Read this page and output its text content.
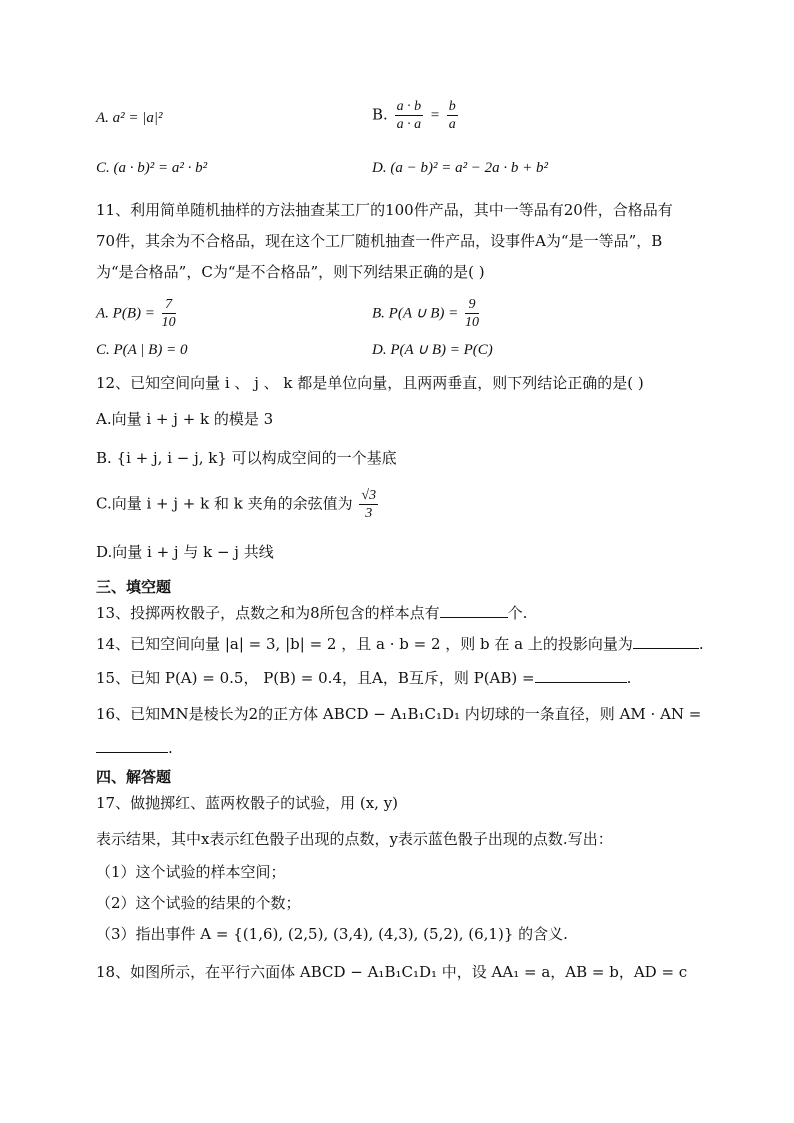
A. a² = |a|²	B. $\frac{a \cdot b}{a \cdot a} = \frac{b}{a}$
C. (a · b)² = a² · b²	D. (a − b)² = a² − 2a · b + b²
11、利用简单随机抽样的方法抽查某工厂的100件产品，其中一等品有20件，合格品有
70件，其余为不合格品，现在这个工厂随机抽查一件产品，设事件A为“是一等品”，B
为“是合格品”，C为“是不合格品”，则下列结果正确的是( )
A. $P(B) = \frac{7}{10}$	B. P(A ∪ $B) = \frac{9}{10}$
C. P(A | B) = 0	D. P(A ∪ B) = P(C)
12、已知空间向量 i 、 j 、 k 都是单位向量，且两两垂直，则下列结论正确的是( )
A.向量 i + j + k 的模是 3
B. {i + j, i − j, k} 可以构成空间的一个基底
C.向量 i + j + k 和 k 夹角的余弦值为 $\frac{√3}{3}$
D.向量 i + j 与 k − j 共线
三、填空题
13、投掷两枚骰子，点数之和为8所包含的样本点有	个.
14、已知空间向量 |a| = 3, |b| = 2 ，且 a · b = 2 ，则 b 在 a 上的投影向量为	.
15、已知 P(A) = 0.5， P(B) = 0.4，且A，B互斥，则 P(AB) =	.
16、已知MN是棱长为2的正方体 ABCD − A₁B₁C₁D₁ 内切球的一条直径，则 AM · AN =
.
四、解答题
17、做抛掷红、蓝两枚骰子的试验，用 (x, y)
表示结果，其中x表示红色骰子出现的点数，y表示蓝色骰子出现的点数.写出：
（1）这个试验的样本空间；
（2）这个试验的结果的个数；
（3）指出事件 A = {(1,6), (2,5), (3,4), (4,3), (5,2), (6,1)} 的含义.
18、如图所示，在平行六面体 ABCD − A₁B₁C₁D₁ 中，设 AA₁ = a，AB = b，AD = c
